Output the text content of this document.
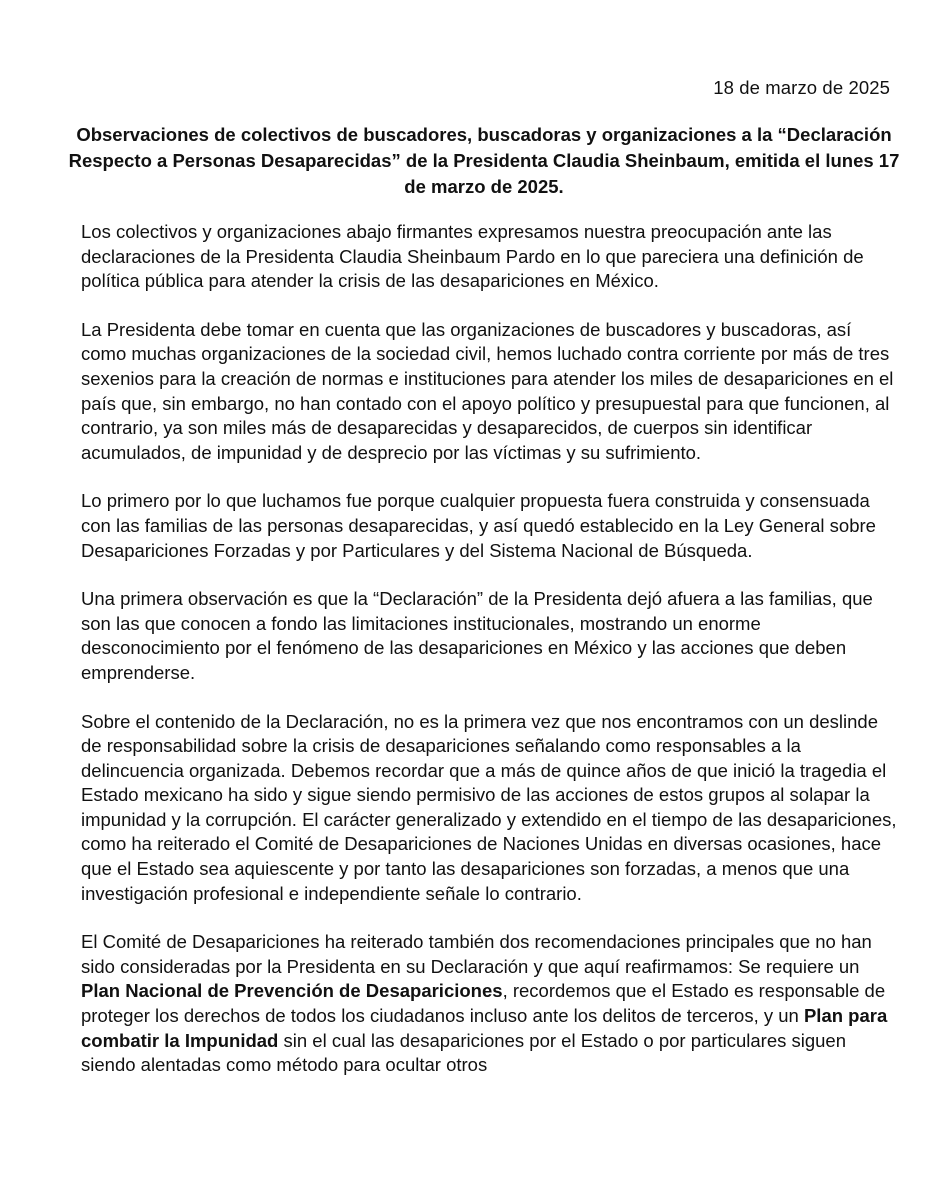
18 de marzo de 2025
Observaciones de colectivos de buscadores, buscadoras y organizaciones a la “Declaración Respecto a Personas Desaparecidas” de la Presidenta Claudia Sheinbaum, emitida el lunes 17 de marzo de 2025.

Los colectivos y organizaciones abajo firmantes expresamos nuestra preocupación ante las declaraciones de la Presidenta Claudia Sheinbaum Pardo en lo que pareciera una definición de política pública para atender la crisis de las desapariciones en México.

La Presidenta debe tomar en cuenta que las organizaciones de buscadores y buscadoras, así como muchas organizaciones de la sociedad civil, hemos luchado contra corriente por más de tres sexenios para la creación de normas e instituciones para atender los miles de desapariciones en el país que, sin embargo, no han contado con el apoyo político y presupuestal para que funcionen, al contrario, ya son miles más de desaparecidas y desaparecidos, de cuerpos sin identificar acumulados, de impunidad y de desprecio por las víctimas y su sufrimiento.

Lo primero por lo que luchamos fue porque cualquier propuesta fuera construida y consensuada con las familias de las personas desaparecidas, y así quedó establecido en la Ley General sobre Desapariciones Forzadas y por Particulares y del Sistema Nacional de Búsqueda.

Una primera observación es que la “Declaración” de la Presidenta dejó afuera a las familias, que son las que conocen a fondo las limitaciones institucionales, mostrando un enorme desconocimiento por el fenómeno de las desapariciones en México y las acciones que deben emprenderse.

Sobre el contenido de la Declaración, no es la primera vez que nos encontramos con un deslinde de responsabilidad sobre la crisis de desapariciones señalando como responsables a la delincuencia organizada. Debemos recordar que a más de quince años de que inició la tragedia el Estado mexicano ha sido y sigue siendo permisivo de las acciones de estos grupos al solapar la impunidad y la corrupción. El carácter generalizado y extendido en el tiempo de las desapariciones, como ha reiterado el Comité de Desapariciones de Naciones Unidas en diversas ocasiones, hace que el Estado sea aquiescente y por tanto las desapariciones son forzadas, a menos que una investigación profesional e independiente señale lo contrario.

El Comité de Desapariciones ha reiterado también dos recomendaciones principales que no han sido consideradas por la Presidenta en su Declaración y que aquí reafirmamos: Se requiere un Plan Nacional de Prevención de Desapariciones, recordemos que el Estado es responsable de proteger los derechos de todos los ciudadanos incluso ante los delitos de terceros, y un Plan para combatir la Impunidad sin el cual las desapariciones por el Estado o por particulares siguen siendo alentadas como método para ocultar otros
